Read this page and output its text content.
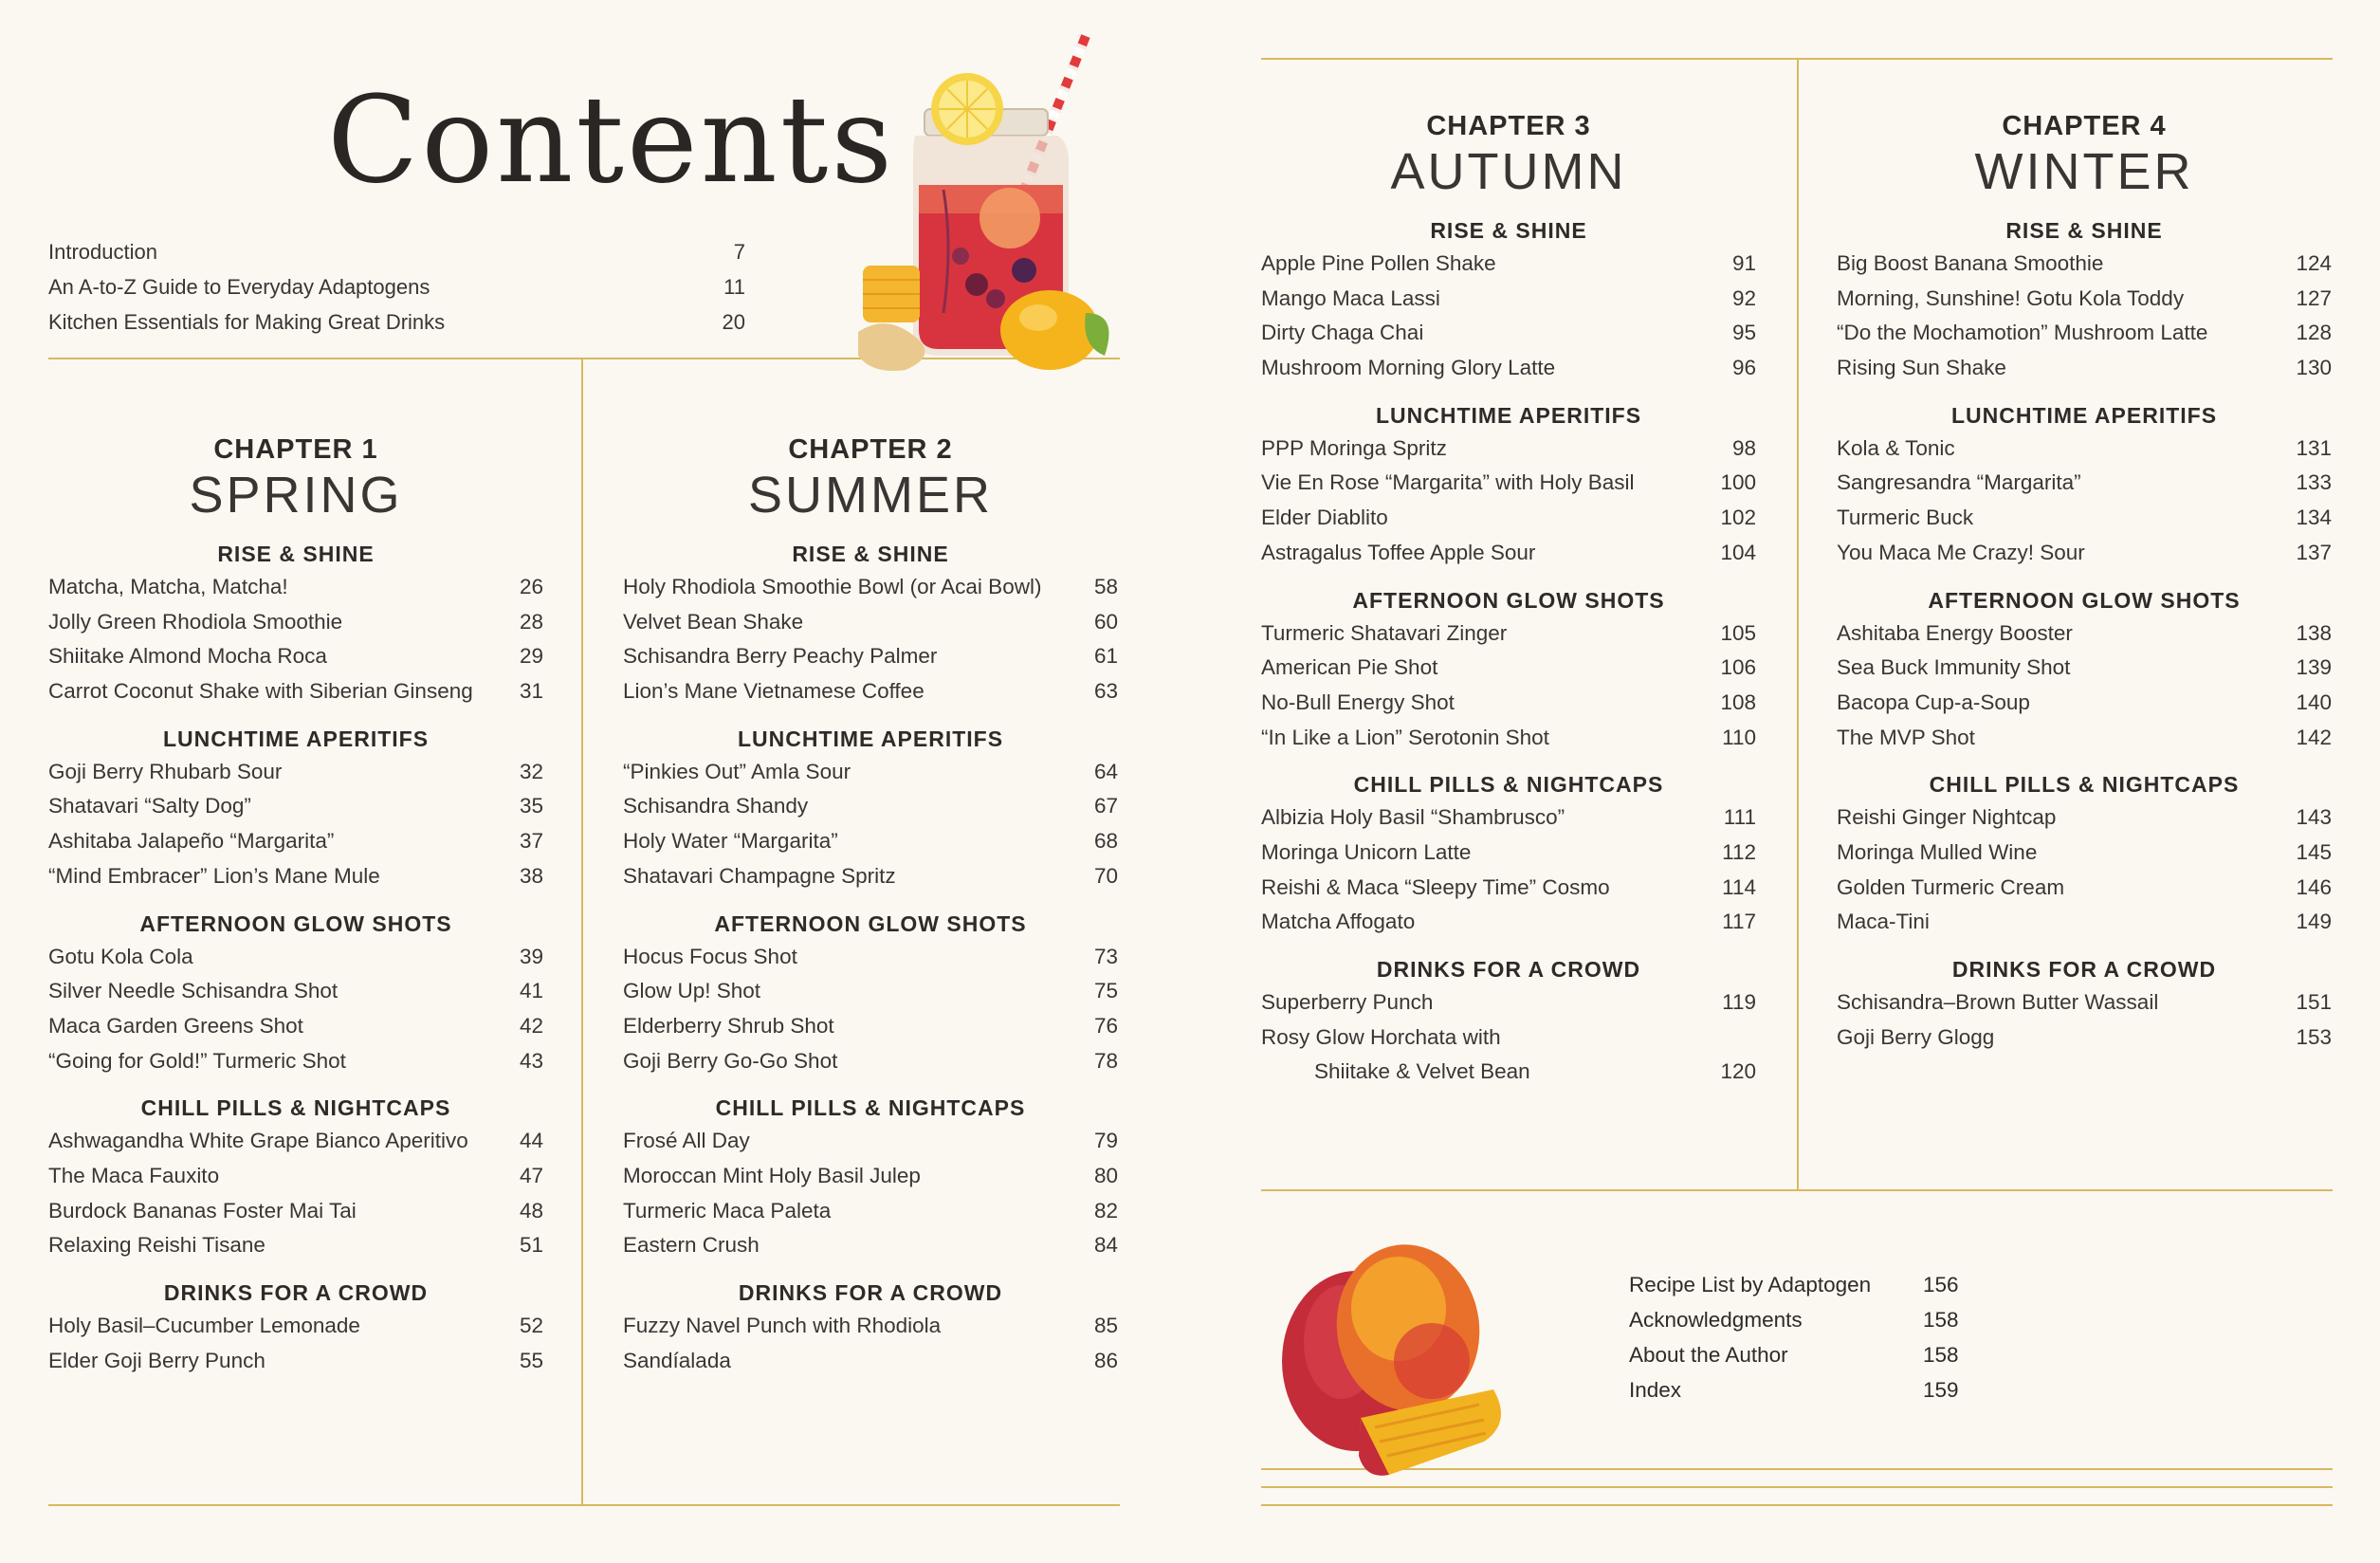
Contents
Introduction	7
An A-to-Z Guide to Everyday Adaptogens	11
Kitchen Essentials for Making Great Drinks	20
CHAPTER 1
SPRING
RISE & SHINE
Matcha, Matcha, Matcha!	26
Jolly Green Rhodiola Smoothie	28
Shiitake Almond Mocha Roca	29
Carrot Coconut Shake with Siberian Ginseng 31
LUNCHTIME APERITIFS
Goji Berry Rhubarb Sour	32
Shatavari “Salty Dog”	35
Ashitaba Jalapeño “Margarita”	37
“Mind Embracer” Lion’s Mane Mule	38
AFTERNOON GLOW SHOTS
Gotu Kola Cola	39
Silver Needle Schisandra Shot	41
Maca Garden Greens Shot	42
“Going for Gold!” Turmeric Shot	43
CHILL PILLS & NIGHTCAPS
Ashwagandha White Grape Bianco Aperitivo 44
The Maca Fauxito	47
Burdock Bananas Foster Mai Tai	48
Relaxing Reishi Tisane	51
DRINKS FOR A CROWD
Holy Basil–Cucumber Lemonade	52
Elder Goji Berry Punch	55
CHAPTER 2
SUMMER
RISE & SHINE
Holy Rhodiola Smoothie Bowl (or Acai Bowl) 58
Velvet Bean Shake	60
Schisandra Berry Peachy Palmer	61
Lion’s Mane Vietnamese Coffee	63
LUNCHTIME APERITIFS
“Pinkies Out” Amla Sour	64
Schisandra Shandy	67
Holy Water “Margarita”	68
Shatavari Champagne Spritz	70
AFTERNOON GLOW SHOTS
Hocus Focus Shot	73
Glow Up! Shot	75
Elderberry Shrub Shot	76
Goji Berry Go-Go Shot	78
CHILL PILLS & NIGHTCAPS
Frosé All Day	79
Moroccan Mint Holy Basil Julep	80
Turmeric Maca Paleta	82
Eastern Crush	84
DRINKS FOR A CROWD
Fuzzy Navel Punch with Rhodiola	85
Sandíalada	86
CHAPTER 3
AUTUMN
RISE & SHINE
Apple Pine Pollen Shake	91
Mango Maca Lassi	92
Dirty Chaga Chai	95
Mushroom Morning Glory Latte	96
LUNCHTIME APERITIFS
PPP Moringa Spritz	98
Vie En Rose “Margarita” with Holy Basil	100
Elder Diablito	102
Astragalus Toffee Apple Sour	104
AFTERNOON GLOW SHOTS
Turmeric Shatavari Zinger	105
American Pie Shot	106
No-Bull Energy Shot	108
“In Like a Lion” Serotonin Shot	110
CHILL PILLS & NIGHTCAPS
Albizia Holy Basil “Shambrusco”	111
Moringa Unicorn Latte	112
Reishi & Maca “Sleepy Time” Cosmo	114
Matcha Affogato	117
DRINKS FOR A CROWD
Superberry Punch	119
Rosy Glow Horchata with
Shiitake & Velvet Bean	120
CHAPTER 4
WINTER
RISE & SHINE
Big Boost Banana Smoothie	124
Morning, Sunshine! Gotu Kola Toddy	127
“Do the Mochamotion” Mushroom Latte	128
Rising Sun Shake	130
LUNCHTIME APERITIFS
Kola & Tonic	131
Sangresandra “Margarita”	133
Turmeric Buck	134
You Maca Me Crazy! Sour	137
AFTERNOON GLOW SHOTS
Ashitaba Energy Booster	138
Sea Buck Immunity Shot	139
Bacopa Cup-a-Soup	140
The MVP Shot	142
CHILL PILLS & NIGHTCAPS
Reishi Ginger Nightcap	143
Moringa Mulled Wine	145
Golden Turmeric Cream	146
Maca-Tini	149
DRINKS FOR A CROWD
Schisandra–Brown Butter Wassail	151
Goji Berry Glogg	153
Recipe List by Adaptogen	156
Acknowledgments	158
About the Author	158
Index	159
